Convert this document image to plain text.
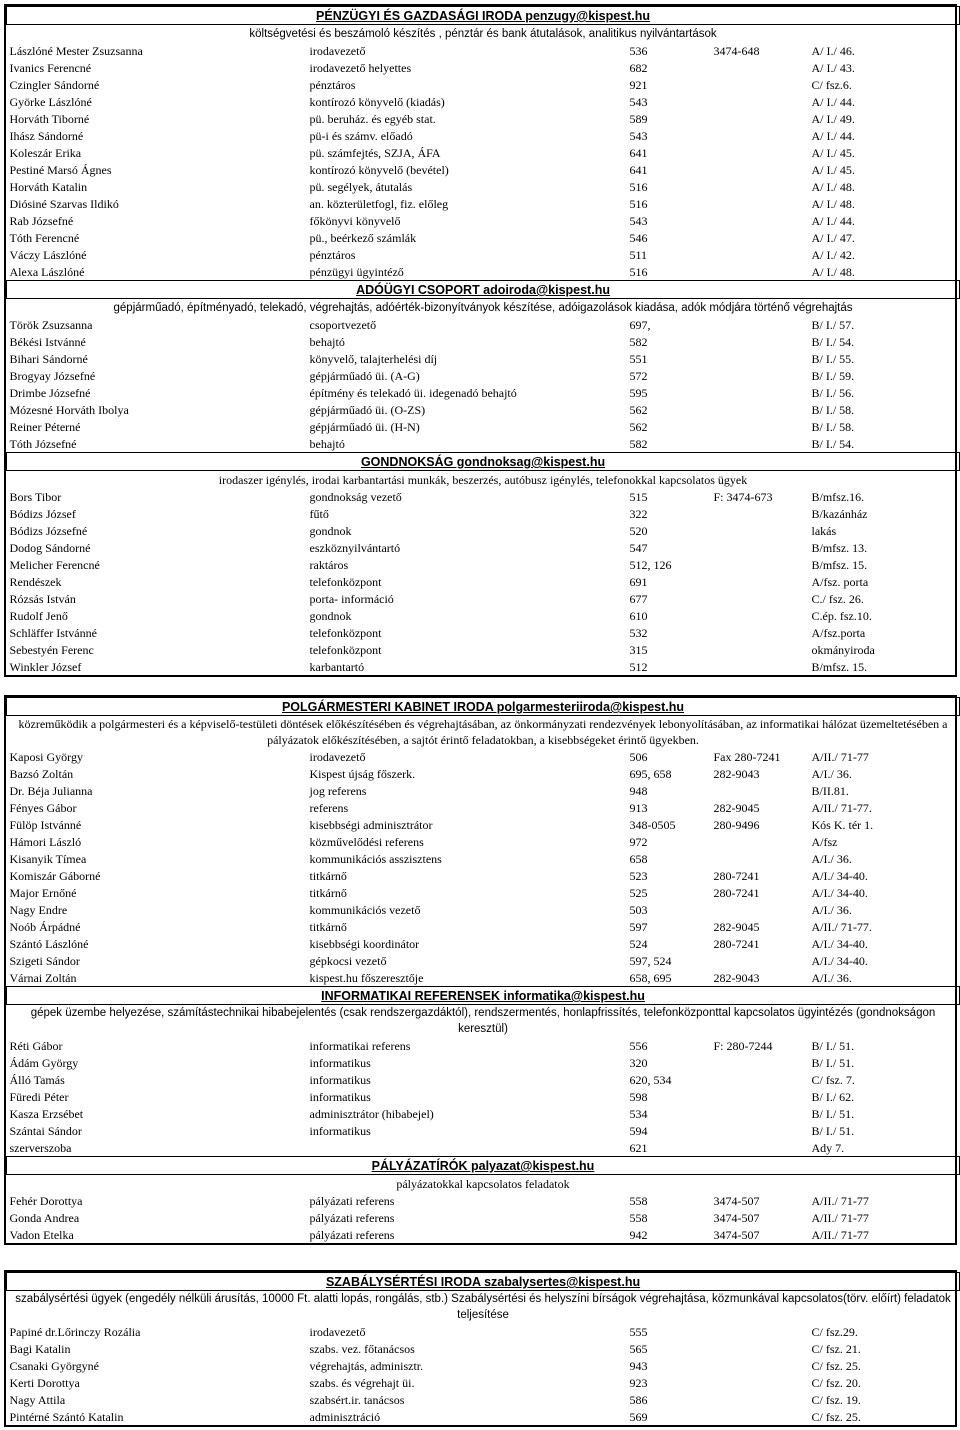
PÉNZÜGYI ÉS GAZDASÁGI IRODA penzugy@kispest.hu				
költségvetési és beszámoló készítés , pénztár és bank átutalások, analitikus nyilvántartások				
Lászlóné Mester Zsuzsanna	irodavezető	536	3474-648	A/ I./ 46.
Ivanics Ferencné	irodavezető helyettes	682		A/ I./ 43.
Czingler Sándorné	pénztáros	921		C/ fsz.6.
Györke Lászlóné	kontírozó könyvelő (kiadás)	543		A/ I./ 44.
Horváth Tiborné	pü. beruház. és egyéb stat.	589		A/ I./ 49.
Ihász Sándorné	pü-i és számv. előadó	543		A/ I./ 44.
Koleszár Erika	pü. számfejtés, SZJA, ÁFA	641		A/ I./ 45.
Pestiné Marsó Ágnes	kontírozó könyvelő (bevétel)	641		A/ I./ 45.
Horváth Katalin	pü. segélyek, átutalás	516		A/ I./ 48.
Diósiné Szarvas Ildikó	an. közterületfogl, fiz. előleg	516		A/ I./ 48.
Rab Józsefné	főkönyvi könyvelő	543		A/ I./ 44.
Tóth Ferencné	pü., beérkező számlák	546		A/ I./ 47.
Váczy Lászlóné	pénztáros	511		A/ I./ 42.
Alexa Lászlóné	pénzügyi ügyintéző	516		A/ I./ 48.
ADÓÜGYI CSOPORT adoiroda@kispest.hu				
gépjárműadó, építményadó, telekadó, végrehajtás, adóérték-bizonyítványok készítése, adóigazolások kiadása, adók módjára történő végrehajtás				
Török Zsuzsanna	csoportvezető	697,		B/ I./ 57.
Békési Istvánné	behajtó	582		B/ I./ 54.
Bihari Sándorné	könyvelő, talajterhelési díj	551		B/ I./ 55.
Brogyay Józsefné	gépjárműadó üi. (A-G)	572		B/ I./ 59.
Drimbe Józsefné	építmény és telekadó üi. idegenadó behajtó	595		B/ I./ 56.
Mózesné Horváth Ibolya	gépjárműadó üi. (O-ZS)	562		B/ I./ 58.
Reiner Péterné	gépjárműadó üi. (H-N)	562		B/ I./ 58.
Tóth Józsefné	behajtó	582		B/ I./ 54.
GONDNOKSÁG gondnoksag@kispest.hu				
irodaszer igénylés, irodai karbantartási munkák, beszerzés, autóbusz igénylés, telefonokkal kapcsolatos ügyek				
Bors Tibor	gondnokság vezető	515	F: 3474-673	B/mfsz.16.
Bódizs József	fűtő	322		B/kazánház
Bódizs Józsefné	gondnok	520		lakás
Dodog Sándorné	eszköznyilvántartó	547		B/mfsz. 13.
Melicher Ferencné	raktáros	512, 126		B/mfsz. 15.
Rendészek	telefonközpont	691		A/fsz. porta
Rózsás István	porta- információ	677		C./ fsz. 26.
Rudolf Jenő	gondnok	610		C.ép. fsz.10.
Schläffer Istvánné	telefonközpont	532		A/fsz.porta
Sebestyén Ferenc	telefonközpont	315		okmányiroda
Winkler József	karbantartó	512		B/mfsz. 15.
POLGÁRMESTERI KABINET IRODA polgarmesteriiroda@kispest.hu				
közreműködik a polgármesteri és a képviselő-testületi döntések előkészítésében és végrehajtásában, az önkormányzati rendezvények lebonyolításában, az informatikai hálózat üzemeltetésében a pályázatok előkészítésében, a sajtót érintő feladatokban, a kisebbségeket érintő ügyekben.				
Kaposi György	irodavezető	506	Fax 280-7241	A/II./ 71-77
Bazsó Zoltán	Kispest újság főszerk.	695, 658	282-9043	A/I./ 36.
Dr. Béja Julianna	jog referens	948		B/II.81.
Fényes Gábor	referens	913	282-9045	A/II./ 71-77.
Fülöp Istvánné	kisebbségi adminisztrátor	348-0505	280-9496	Kós K. tér 1.
Hámori László	közművelődési referens	972		A/fsz
Kisanyik Tímea	kommunikációs asszisztens	658		A/I./ 36.
Komiszár Gáborné	titkárnő	523	280-7241	A/I./ 34-40.
Major Ernőné	titkárnő	525	280-7241	A/I./ 34-40.
Nagy Endre	kommunikációs vezető	503		A/I./ 36.
Noób Árpádné	titkárnő	597	282-9045	A/II./ 71-77.
Szántó Lászlóné	kisebbségi koordinátor	524	280-7241	A/I./ 34-40.
Szigeti Sándor	gépkocsi vezető	597, 524		A/I./ 34-40.
Várnai Zoltán	kispest.hu főszeresztője	658, 695	282-9043	A/I./ 36.
INFORMATIKAI REFERENSEK informatika@kispest.hu				
gépek üzembe helyezése, számítástechnikai hibabejelentés (csak rendszergazdáktól), rendszermentés, honlapfrissítés, telefonközponttal kapcsolatos ügyintézés (gondnokságon keresztül)				
Réti Gábor	informatikai referens	556	F: 280-7244	B/ I./ 51.
Ádám György	informatikus	320		B/ I./ 51.
Álló Tamás	informatikus	620, 534		C/ fsz. 7.
Füredi Péter	informatikus	598		B/ I./ 62.
Kasza Erzsébet	adminisztrátor (hibabejel)	534		B/ I./ 51.
Szántai Sándor	informatikus	594		B/ I./ 51.
szerverszoba		621		Ady 7.
PÁLYÁZATÍRÓK palyazat@kispest.hu				
pályázatokkal kapcsolatos feladatok				
Fehér Dorottya	pályázati referens	558	3474-507	A/II./ 71-77
Gonda Andrea	pályázati referens	558	3474-507	A/II./ 71-77
Vadon Etelka	pályázati referens	942	3474-507	A/II./ 71-77
SZABÁLYSÉRTÉSI IRODA szabalysertes@kispest.hu				
szabálysértési ügyek (engedély nélküli árusítás, 10000 Ft. alatti lopás, rongálás, stb.) Szabálysértési és helyszíni bírságok végrehajtása, közmunkával kapcsolatos(törv. előírt) feladatok teljesítése				
Papiné dr.Lőrinczy Rozália	irodavezető	555		C/ fsz.29.
Bagi Katalin	szabs. vez. főtanácsos	565		C/ fsz. 21.
Csanaki Györgyné	végrehajtás, adminisztr.	943		C/ fsz. 25.
Kerti Dorottya	szabs. és végrehajt üi.	923		C/ fsz. 20.
Nagy Attila	szabsért.ir. tanácsos	586		C/ fsz. 19.
Pintérné Szántó Katalin	adminisztráció	569		C/ fsz. 25.
